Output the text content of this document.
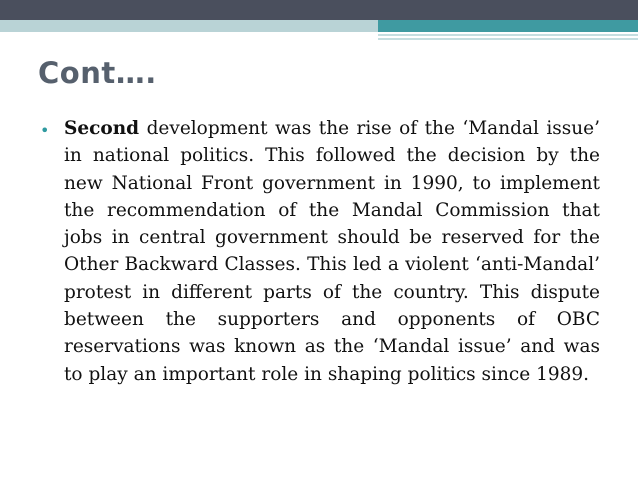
Cont….
• Second development was the rise of the ‘Mandal issue’ in national politics. This followed the decision by the new National Front government in 1990, to implement the recommendation of the Mandal Commission that jobs in central government should be reserved for the Other Backward Classes. This led a violent ‘anti-Mandal’ protest in different parts of the country. This dispute between the supporters and opponents of OBC reservations was known as the ‘Mandal issue’ and was to play an important role in shaping politics since 1989.
